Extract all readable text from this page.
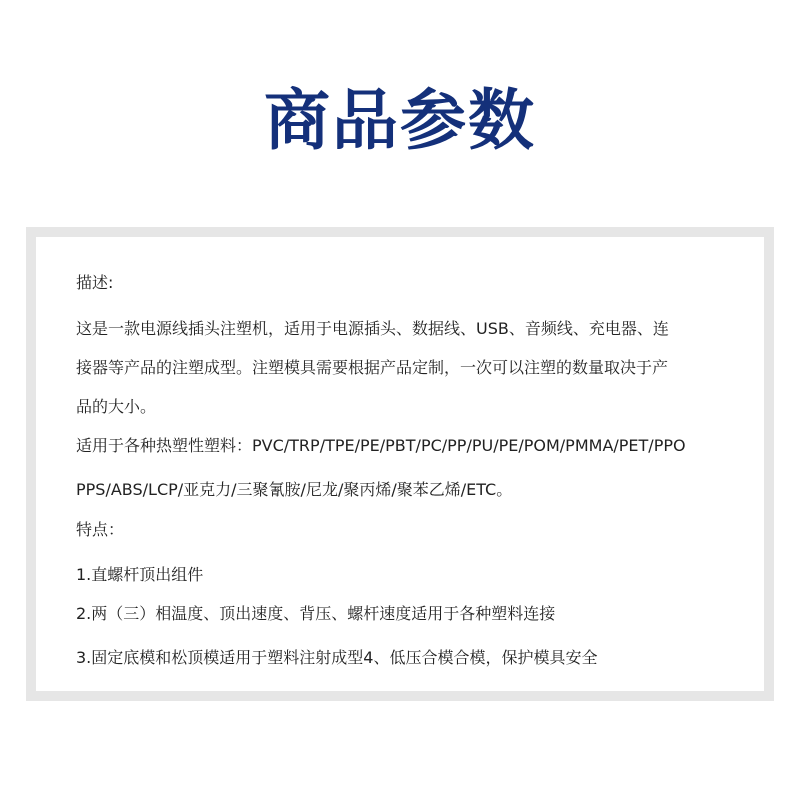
商品参数
描述:
这是一款电源线插头注塑机，适用于电源插头、数据线、USB、音频线、充电器、连
接器等产品的注塑成型。注塑模具需要根据产品定制，一次可以注塑的数量取决于产
品的大小。
适用于各种热塑性塑料：PVC/TRP/TPE/PE/PBT/PC/PP/PU/PE/POM/PMMA/PET/PPO
PPS/ABS/LCP/亚克力/三聚氰胺/尼龙/聚丙烯/聚苯乙烯/ETC。
特点：
1.直螺杆顶出组件
2.两（三）相温度、顶出速度、背压、螺杆速度适用于各种塑料连接
3.固定底模和松顶模适用于塑料注射成型4、低压合模合模，保护模具安全
